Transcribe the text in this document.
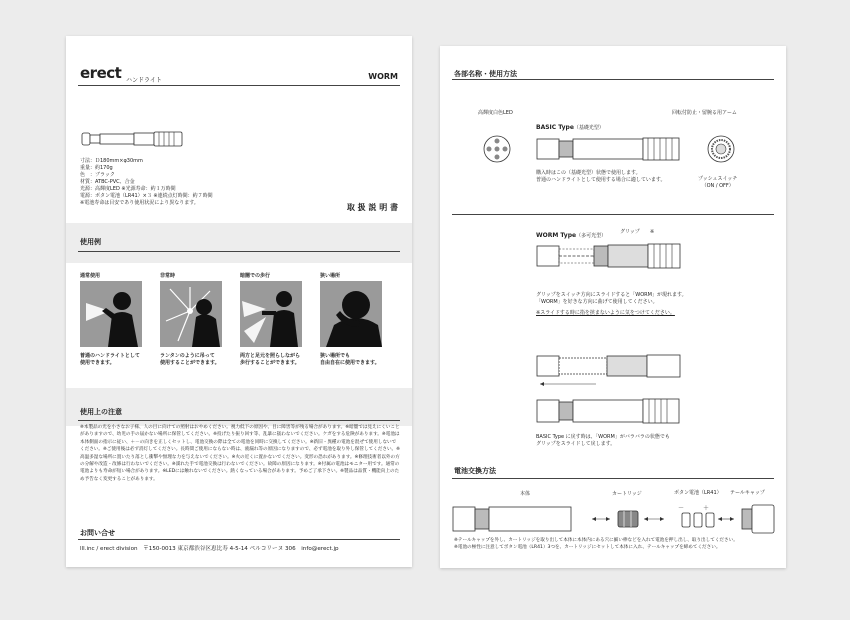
erect ハンドライト	WORM
寸法：Ｄ180mm×φ30mm
重量：約170g
色　：ブラック
材質：ATBC-PVC、合金
光源：高輝度LED ※光源寿命：約１万時間
電源：ボタン電池（LR41）×３ ※連続点灯時間：約７時間
※電池寿命は目安であり使用状況により異なります。	取 扱 説 明 書
使用例
通常使用	非常時	暗闇での歩行	狭い場所
普通のハンドライトとして
使用できます。
ランタンのように吊って
使用することができます。
両方と足元を照らしながら
歩行することができます。
狭い場所でも
自由自在に使用できます。
使用上の注意
※本製品の光を小さなお子様、人の目に向けての照射はおやめください。視力低下の原因や、目に障害等が残る場合があります。※暗闇では見えにくいことがありますので、幼児の手の届かない場所に保管してください。※投げたり振り回す等、乱暴に扱わないでください。ケガをする危険があります。※電池は本体側面の指示に従い、＋－の向きを正しくセットし、電池交換の際は全ての電池を同時に交換してください。※新旧・異種の電池を混ぜて使用しないでください。※ご使用後は必ず消灯してください。長時間ご使用にならない時は、液漏れ等の原因になりますので、必ず電池を取り外し保管してください。※高温多湿な場所に置いたり落とし衝撃や無理な力を与えないでください。※火の近くに置かないでください。変形の恐れがあります。※修理技術者以外の方の分解や改造・改修は行わないでください。※濡れた手で電池交換は行わないでください。故障の原因になります。※付属の電池はモニター用です。通常の電池よりも寿命が短い場合があります。※LEDには触れないでください。熱くなっている場合があります。予めご了承下さい。※製品は品質・機能向上のため予告なく変更することがあります。
お問い合せ
lll.inc / erect division　〒150-0013 東京都渋谷区恵比寿 4-5-14 ペルコリーヌ 306　info@erect.jp
各部名称・使用方法
高輝度白色LED	回転付防止・留腕る用アーム
BASIC Type（基礎光型）
購入時はこの（基礎光型）状態で使用します。
普通のハンドライトとして使用する場合に適しています。	プッシュスイッチ
（ON / OFF）
WORM Type（多可光型）
グリップ ※
グリップをスイッチ方向にスライドすると「WORM」が現れます。
「WORM」を好きな方向に曲げて使用してください。
※スライドする時に指を挟まないように気をつけてください。
BASIC Type に戻す時は、「WORM」がバラバラの状態でも
グリップをスライドして戻します。
電池交換方法
本体	カートリッジ	ボタン電池（LR41） テールキャップ
－	＋
※テールキャップを外し、カートリッジを取り出して本体に本体内にある穴に細い棒などを入れて電池を押し出し、取り出してください。
※電池の極性に注意してボタン電池（LR41）3つを、カートリッジにセットして本体に入れ、テールキャップを締めてください。
